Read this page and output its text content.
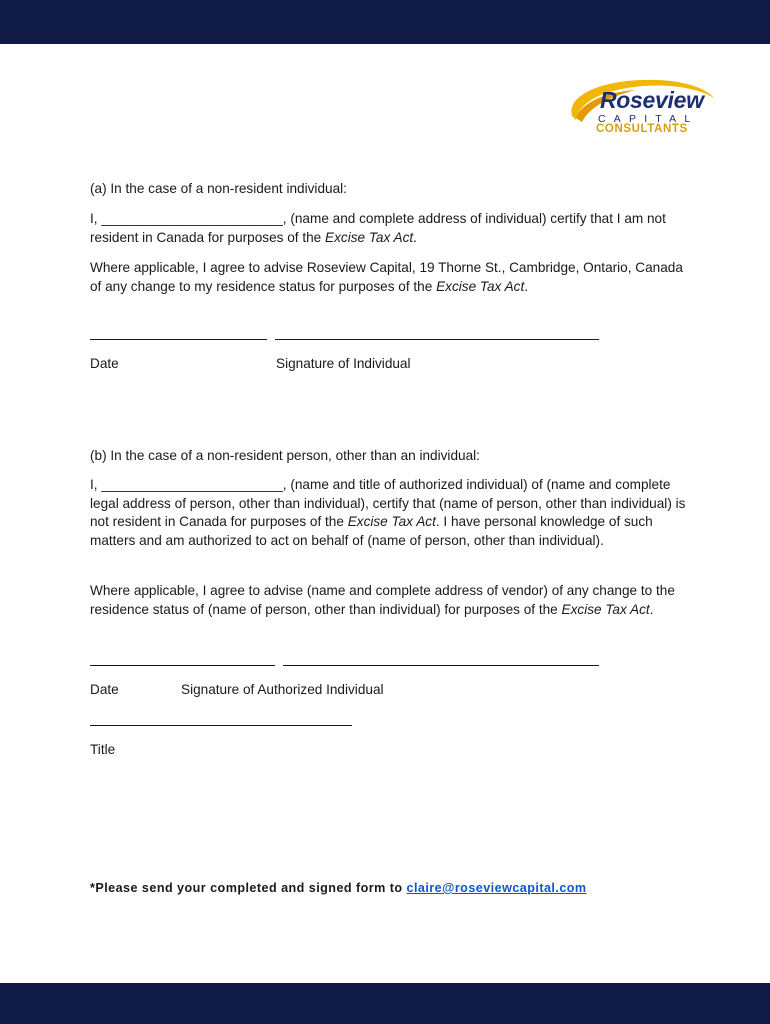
Roseview
CAPITAL
CONSULTANTS

(a) In the case of a non-resident individual:

I, ________________________, (name and complete address of individual) certify that I am not resident in Canada for purposes of the Excise Tax Act.

Where applicable, I agree to advise Roseview Capital, 19 Thorne St., Cambridge, Ontario, Canada of any change to my residence status for purposes of the Excise Tax Act.

Date	Signature of Individual

(b) In the case of a non-resident person, other than an individual:

I, ________________________, (name and title of authorized individual) of (name and complete legal address of person, other than individual), certify that (name of person, other than individual) is not resident in Canada for purposes of the Excise Tax Act. I have personal knowledge of such matters and am authorized to act on behalf of (name of person, other than individual).

Where applicable, I agree to advise (name and complete address of vendor) of any change to the residence status of (name of person, other than individual) for purposes of the Excise Tax Act.

Date	Signature of Authorized Individual

Title

*Please send your completed and signed form to claire@roseviewcapital.com
